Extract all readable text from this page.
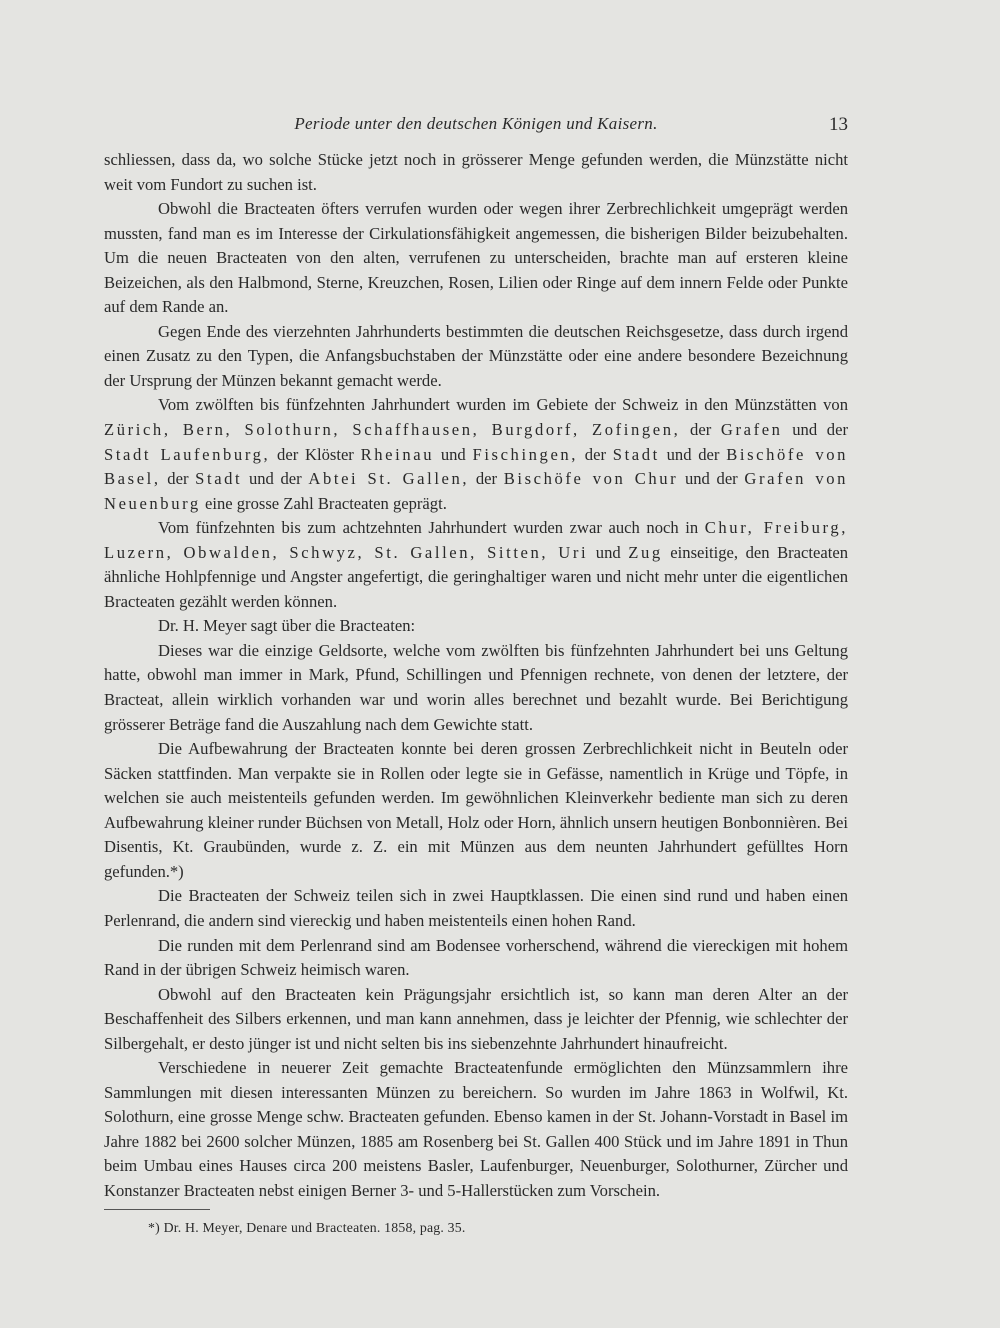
Periode unter den deutschen Königen und Kaisern.	13

schliessen, dass da, wo solche Stücke jetzt noch in grösserer Menge gefunden werden, die Münzstätte nicht weit vom Fundort zu suchen ist.

Obwohl die Bracteaten öfters verrufen wurden oder wegen ihrer Zerbrechlichkeit umgeprägt werden mussten, fand man es im Interesse der Cirkulationsfähigkeit angemessen, die bisherigen Bilder beizubehalten. Um die neuen Bracteaten von den alten, verrufenen zu unterscheiden, brachte man auf ersteren kleine Beizeichen, als den Halbmond, Sterne, Kreuzchen, Rosen, Lilien oder Ringe auf dem innern Felde oder Punkte auf dem Rande an.

Gegen Ende des vierzehnten Jahrhunderts bestimmten die deutschen Reichsgesetze, dass durch irgend einen Zusatz zu den Typen, die Anfangsbuchstaben der Münzstätte oder eine andere besondere Bezeichnung der Ursprung der Münzen bekannt gemacht werde.

Vom zwölften bis fünfzehnten Jahrhundert wurden im Gebiete der Schweiz in den Münzstätten von Zürich, Bern, Solothurn, Schaffhausen, Burgdorf, Zofingen, der Grafen und der Stadt Laufenburg, der Klöster Rheinau und Fischingen, der Stadt und der Bischöfe von Basel, der Stadt und der Abtei St. Gallen, der Bischöfe von Chur und der Grafen von Neuenburg eine grosse Zahl Bracteaten geprägt.

Vom fünfzehnten bis zum achtzehnten Jahrhundert wurden zwar auch noch in Chur, Freiburg, Luzern, Obwalden, Schwyz, St. Gallen, Sitten, Uri und Zug einseitige, den Bracteaten ähnliche Hohlpfennige und Angster angefertigt, die geringhaltiger waren und nicht mehr unter die eigentlichen Bracteaten gezählt werden können.

Dr. H. Meyer sagt über die Bracteaten:

Dieses war die einzige Geldsorte, welche vom zwölften bis fünfzehnten Jahrhundert bei uns Geltung hatte, obwohl man immer in Mark, Pfund, Schillingen und Pfennigen rechnete, von denen der letztere, der Bracteat, allein wirklich vorhanden war und worin alles berechnet und bezahlt wurde. Bei Berichtigung grösserer Beträge fand die Auszahlung nach dem Gewichte statt.

Die Aufbewahrung der Bracteaten konnte bei deren grossen Zerbrechlichkeit nicht in Beuteln oder Säcken stattfinden. Man verpakte sie in Rollen oder legte sie in Gefässe, namentlich in Krüge und Töpfe, in welchen sie auch meistenteils gefunden werden. Im gewöhnlichen Kleinverkehr bediente man sich zu deren Aufbewahrung kleiner runder Büchsen von Metall, Holz oder Horn, ähnlich unsern heutigen Bonbonnièren. Bei Disentis, Kt. Graubünden, wurde z. Z. ein mit Münzen aus dem neunten Jahrhundert gefülltes Horn gefunden.*)

Die Bracteaten der Schweiz teilen sich in zwei Hauptklassen. Die einen sind rund und haben einen Perlenrand, die andern sind viereckig und haben meistenteils einen hohen Rand.

Die runden mit dem Perlenrand sind am Bodensee vorherschend, während die viereckigen mit hohem Rand in der übrigen Schweiz heimisch waren.

Obwohl auf den Bracteaten kein Prägungsjahr ersichtlich ist, so kann man deren Alter an der Beschaffenheit des Silbers erkennen, und man kann annehmen, dass je leichter der Pfennig, wie schlechter der Silbergehalt, er desto jünger ist und nicht selten bis ins siebenzehnte Jahrhundert hinaufreicht.

Verschiedene in neuerer Zeit gemachte Bracteatenfunde ermöglichten den Münzsammlern ihre Sammlungen mit diesen interessanten Münzen zu bereichern. So wurden im Jahre 1863 in Wolfwil, Kt. Solothurn, eine grosse Menge schw. Bracteaten gefunden. Ebenso kamen in der St. Johann-Vorstadt in Basel im Jahre 1882 bei 2600 solcher Münzen, 1885 am Rosenberg bei St. Gallen 400 Stück und im Jahre 1891 in Thun beim Umbau eines Hauses circa 200 meistens Basler, Laufenburger, Neuenburger, Solothurner, Zürcher und Konstanzer Bracteaten nebst einigen Berner 3- und 5-Hallerstücken zum Vorschein.

*) Dr. H. Meyer, Denare und Bracteaten. 1858, pag. 35.
